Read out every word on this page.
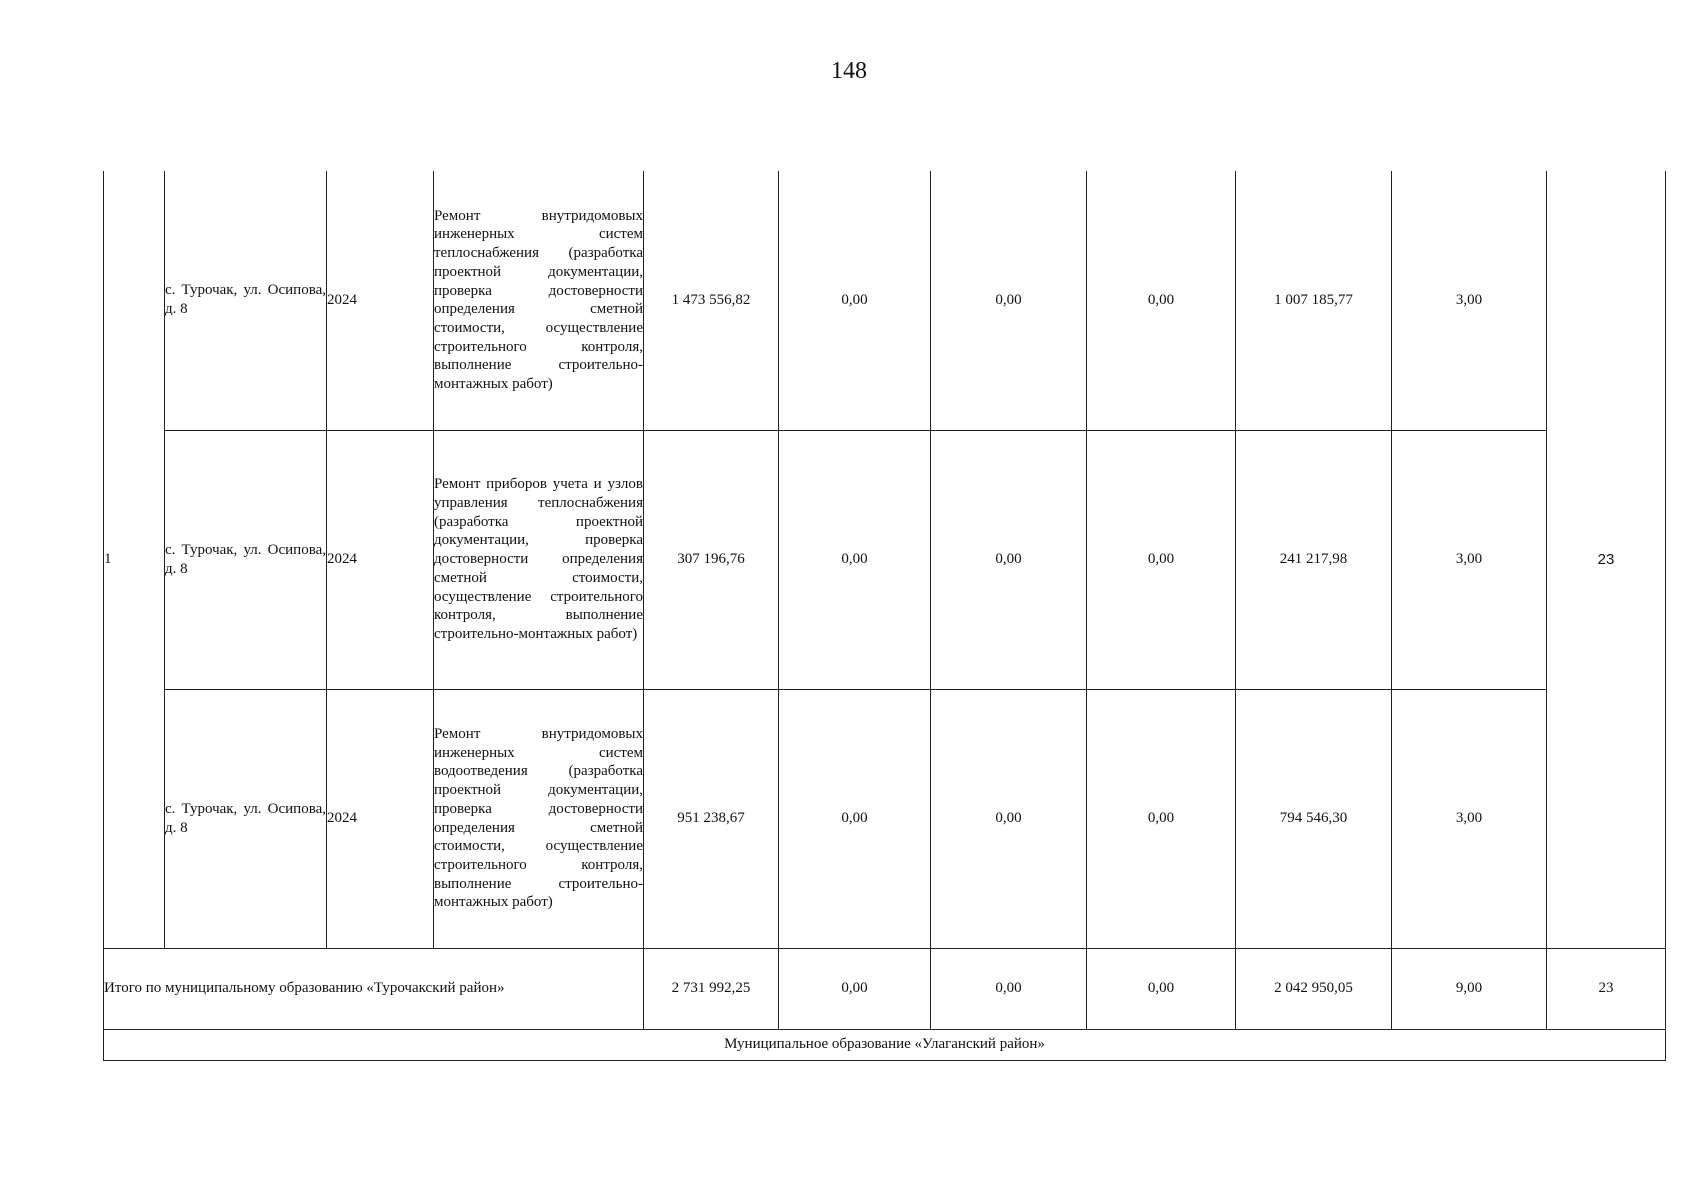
148
1	с. Турочак, ул. Осипова, д. 8	2024	Ремонт внутридомовых инженерных систем теплоснабжения (разработка проектной документации, проверка достоверности определения сметной стоимости, осуществление строительного контроля, выполнение строительно-монтажных работ)	1 473 556,82	0,00	0,00	0,00	1 007 185,77	3,00	23
	с. Турочак, ул. Осипова, д. 8	2024	Ремонт приборов учета и узлов управления теплоснабжения (разработка проектной документации, проверка достоверности определения сметной стоимости, осуществление строительного контроля, выполнение строительно-монтажных работ)	307 196,76	0,00	0,00	0,00	241 217,98	3,00	
	с. Турочак, ул. Осипова, д. 8	2024	Ремонт внутридомовых инженерных систем водоотведения (разработка проектной документации, проверка достоверности определения сметной стоимости, осуществление строительного контроля, выполнение строительно-монтажных работ)	951 238,67	0,00	0,00	0,00	794 546,30	3,00	
Итого по муниципальному образованию «Турочакский район»				2 731 992,25	0,00	0,00	0,00	2 042 950,05	9,00	23
Муниципальное образование «Улаганский район»										
